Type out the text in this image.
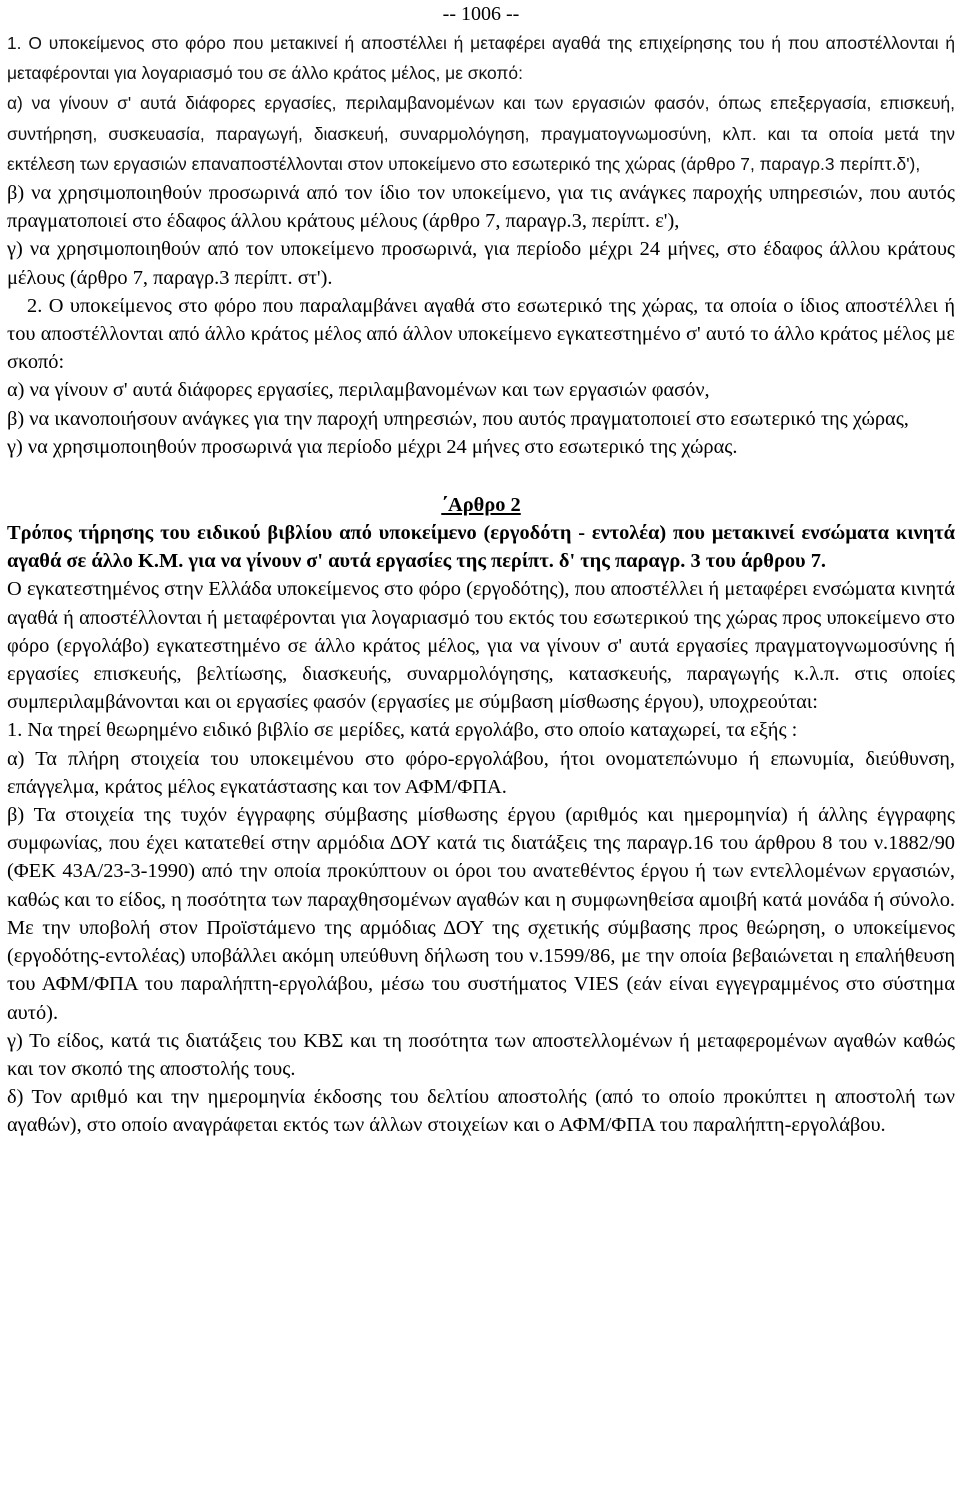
-- 1006 --

1. Ο υποκείμενος στο φόρο που μετακινεί ή αποστέλλει ή μεταφέρει αγαθά της επιχείρησης του ή που αποστέλλονται ή μεταφέρονται για λογαριασμό του σε άλλο κράτος μέλος, με σκοπό:

α) να γίνουν σ' αυτά διάφορες εργασίες, περιλαμβανομένων και των εργασιών φασόν, όπως επεξεργασία, επισκευή, συντήρηση, συσκευασία, παραγωγή, διασκευή, συναρμολόγηση, πραγματογνωμοσύνη, κλπ. και τα οποία μετά την εκτέλεση των εργασιών επαναποστέλλονται στον υποκείμενο στο εσωτερικό της χώρας (άρθρο 7, παραγρ.3 περίπτ.δ'),

β) να χρησιμοποιηθούν προσωρινά από τον ίδιο τον υποκείμενο, για τις ανάγκες παροχής υπηρεσιών, που αυτός πραγματοποιεί στο έδαφος άλλου κράτους μέλους (άρθρο 7, παραγρ.3, περίπτ. ε'),

γ) να χρησιμοποιηθούν από τον υποκείμενο προσωρινά, για περίοδο μέχρι 24 μήνες, στο έδαφος άλλου κράτους μέλους (άρθρο 7, παραγρ.3 περίπτ. στ').

2. Ο υποκείμενος στο φόρο που παραλαμβάνει αγαθά στο εσωτερικό της χώρας, τα οποία ο ίδιος αποστέλλει ή του αποστέλλονται από άλλο κράτος μέλος από άλλον υποκείμενο εγκατεστημένο σ' αυτό το άλλο κράτος μέλος με σκοπό:

α) να γίνουν σ' αυτά διάφορες εργασίες, περιλαμβανομένων και των εργασιών φασόν,

β) να ικανοποιήσουν ανάγκες για την παροχή υπηρεσιών, που αυτός πραγματοποιεί στο εσωτερικό της χώρας,

γ) να χρησιμοποιηθούν προσωρινά για περίοδο μέχρι 24 μήνες στο εσωτερικό της χώρας.

΄Αρθρο 2

Τρόπος τήρησης του ειδικού βιβλίου από υποκείμενο (εργοδότη - εντολέα) που μετακινεί ενσώματα κινητά αγαθά σε άλλο Κ.Μ. για να γίνουν σ' αυτά εργασίες της περίπτ. δ' της παραγρ. 3 του άρθρου 7.

Ο εγκατεστημένος στην Ελλάδα υποκείμενος στο φόρο (εργοδότης), που αποστέλλει ή μεταφέρει ενσώματα κινητά αγαθά ή αποστέλλονται ή μεταφέρονται για λογαριασμό του εκτός του εσωτερικού της χώρας προς υποκείμενο στο φόρο (εργολάβο) εγκατεστημένο σε άλλο κράτος μέλος, για να γίνουν σ' αυτά εργασίες πραγματογνωμοσύνης ή εργασίες επισκευής, βελτίωσης, διασκευής, συναρμολόγησης, κατασκευής, παραγωγής κ.λ.π. στις οποίες συμπεριλαμβάνονται και οι εργασίες φασόν (εργασίες με σύμβαση μίσθωσης έργου), υποχρεούται:

1. Να τηρεί θεωρημένο ειδικό βιβλίο σε μερίδες, κατά εργολάβο, στο οποίο καταχωρεί, τα εξής :

α) Τα πλήρη στοιχεία του υποκειμένου στο φόρο-εργολάβου, ήτοι ονοματεπώνυμο ή επωνυμία, διεύθυνση, επάγγελμα, κράτος μέλος εγκατάστασης και τον ΑΦΜ/ΦΠΑ.

β) Τα στοιχεία της τυχόν έγγραφης σύμβασης μίσθωσης έργου (αριθμός και ημερομηνία) ή άλλης έγγραφης συμφωνίας, που έχει κατατεθεί στην αρμόδια ΔΟΥ κατά τις διατάξεις της παραγρ.16 του άρθρου 8 του ν.1882/90 (ΦΕΚ 43Α/23-3-1990) από την οποία προκύπτουν οι όροι του ανατεθέντος έργου ή των εντελλομένων εργασιών, καθώς και το είδος, η ποσότητα των παραχθησομένων αγαθών και η συμφωνηθείσα αμοιβή κατά μονάδα ή σύνολο.

Με την υποβολή στον Προϊστάμενο της αρμόδιας ΔΟΥ της σχετικής σύμβασης προς θεώρηση, ο υποκείμενος (εργοδότης-εντολέας) υποβάλλει ακόμη υπεύθυνη δήλωση του ν.1599/86, με την οποία βεβαιώνεται η επαλήθευση του ΑΦΜ/ΦΠΑ του παραλήπτη-εργολάβου, μέσω του συστήματος VIES (εάν είναι εγγεγραμμένος στο σύστημα αυτό).

γ) Το είδος, κατά τις διατάξεις του ΚΒΣ και τη ποσότητα των αποστελλομένων ή μεταφερομένων αγαθών καθώς και τον σκοπό της αποστολής τους.

δ) Τον αριθμό και την ημερομηνία έκδοσης του δελτίου αποστολής (από το οποίο προκύπτει η αποστολή των αγαθών), στο οποίο αναγράφεται εκτός των άλλων στοιχείων και ο ΑΦΜ/ΦΠΑ του παραλήπτη-εργολάβου.
